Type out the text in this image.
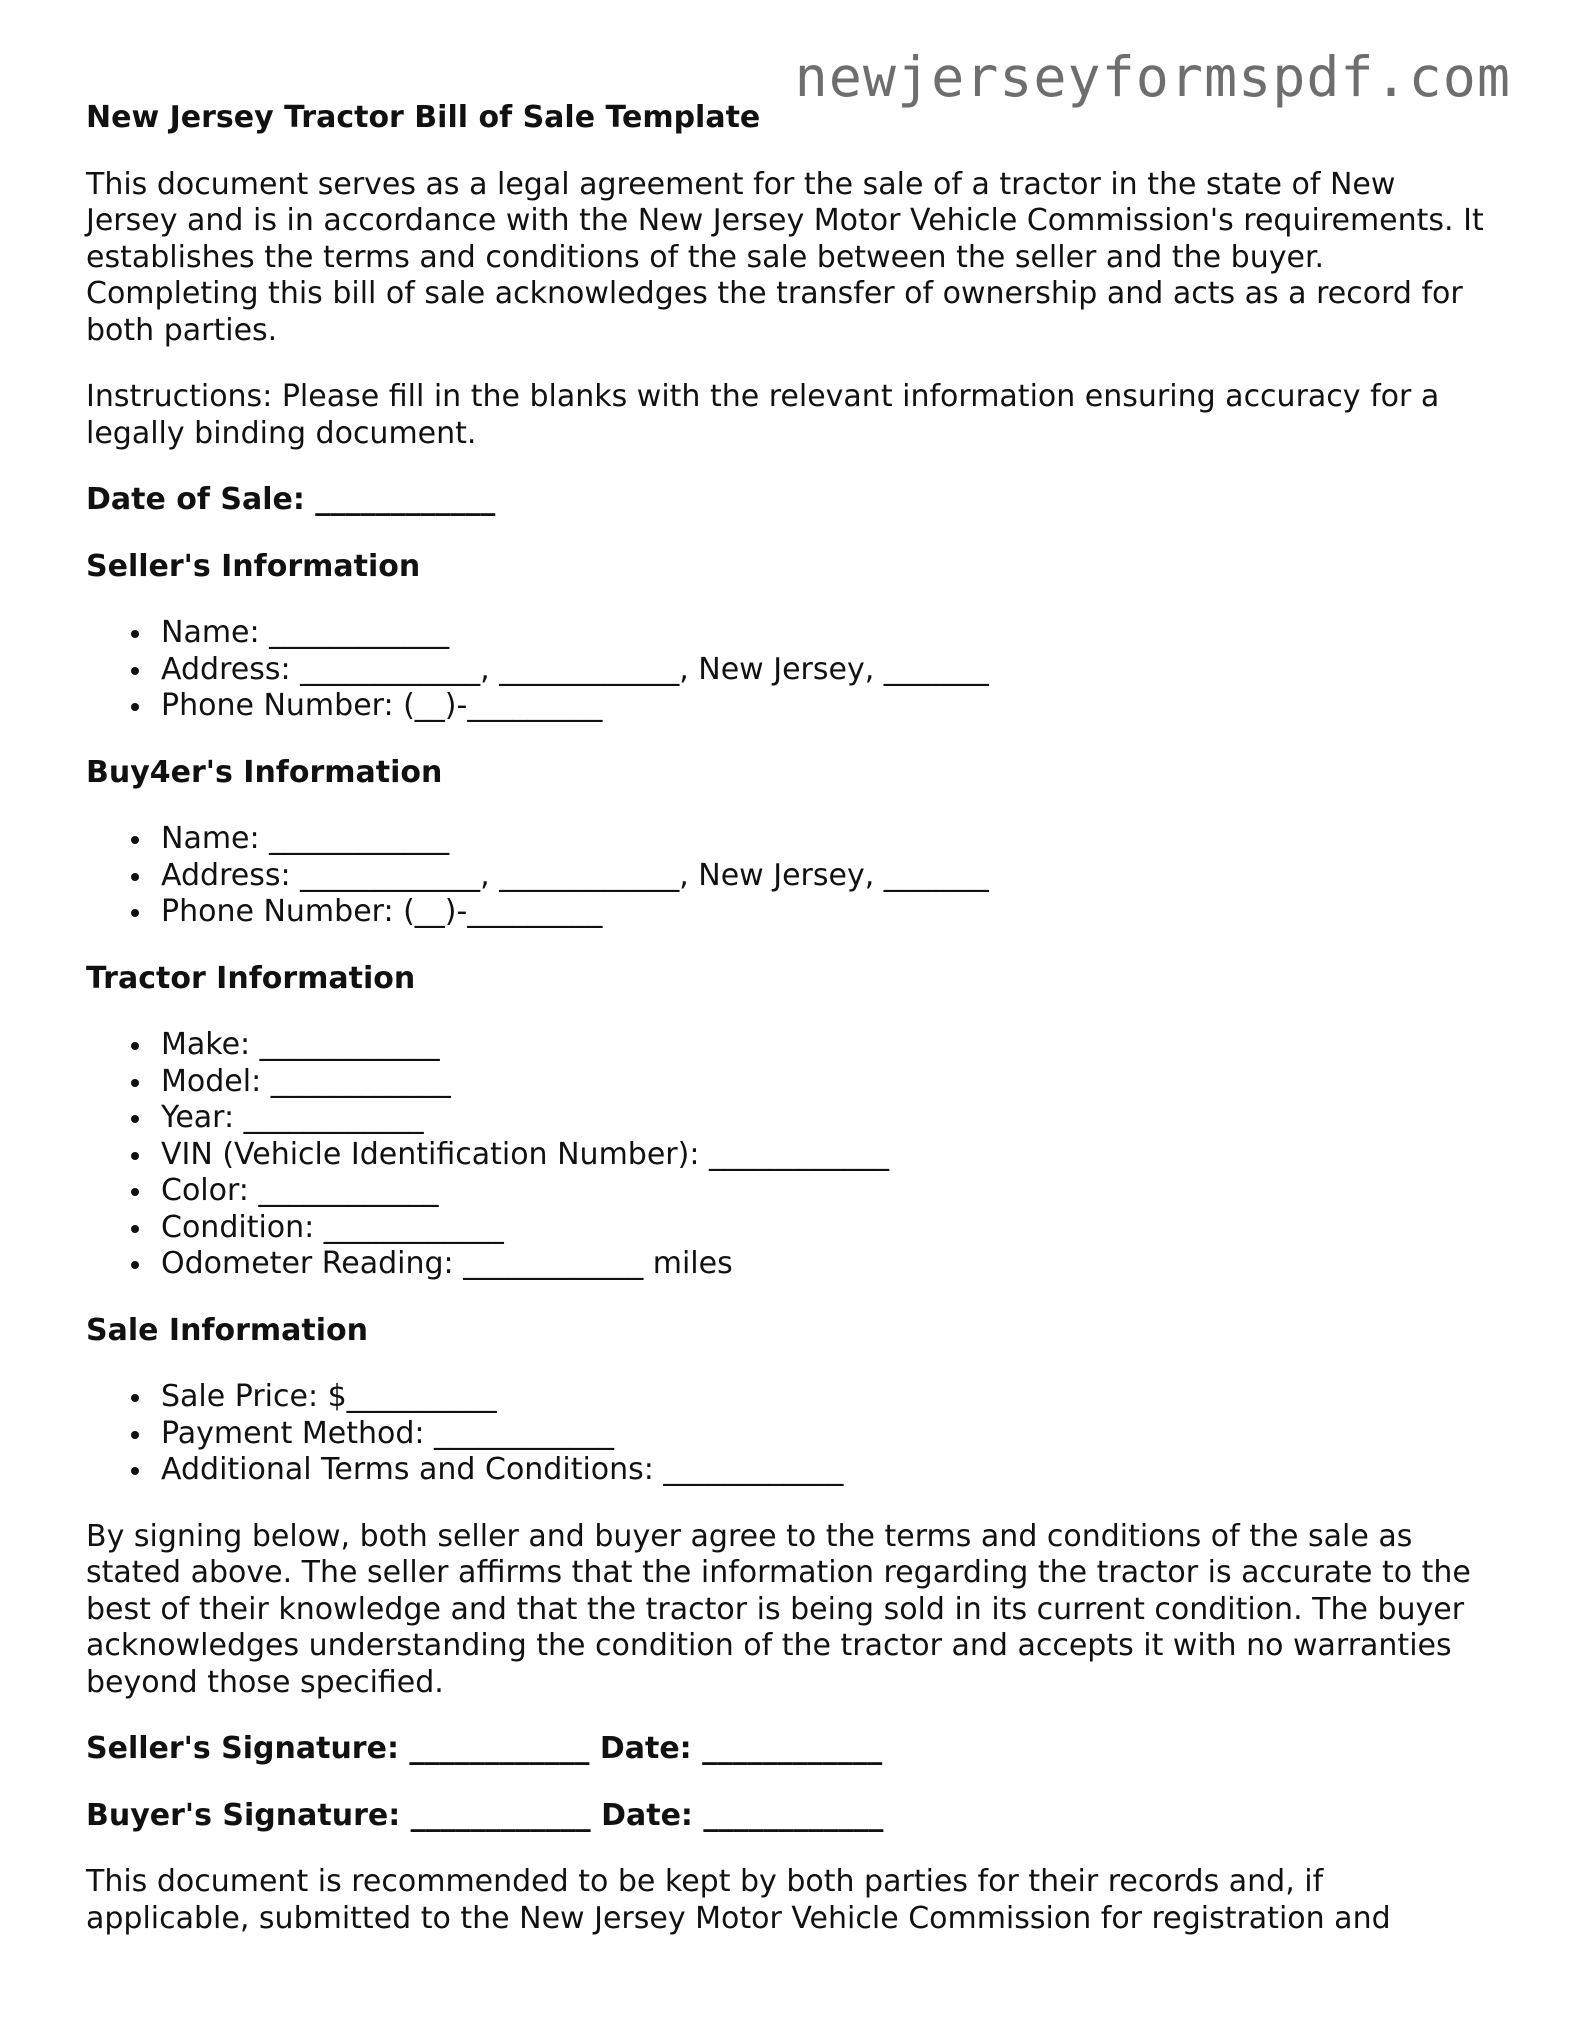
newjerseyformspdf.com
New Jersey Tractor Bill of Sale Template

This document serves as a legal agreement for the sale of a tractor in the state of New Jersey and is in accordance with the New Jersey Motor Vehicle Commission's requirements. It establishes the terms and conditions of the sale between the seller and the buyer. Completing this bill of sale acknowledges the transfer of ownership and acts as a record for both parties.

Instructions: Please fill in the blanks with the relevant information ensuring accuracy for a legally binding document.

Date of Sale: ____________
Seller's Information
Name: ____________
Address: ____________, ____________, New Jersey, _______
Phone Number: (__)-_________
Buy4er's Information
Name: ____________
Address: ____________, ____________, New Jersey, _______
Phone Number: (__)-_________
Tractor Information
Make: ____________
Model: ____________
Year: ____________
VIN (Vehicle Identification Number): ____________
Color: ____________
Condition: ____________
Odometer Reading: ____________ miles
Sale Information
Sale Price: $__________
Payment Method: ____________
Additional Terms and Conditions: ____________

By signing below, both seller and buyer agree to the terms and conditions of the sale as stated above. The seller affirms that the information regarding the tractor is accurate to the best of their knowledge and that the tractor is being sold in its current condition. The buyer acknowledges understanding the condition of the tractor and accepts it with no warranties beyond those specified.

Seller's Signature: ____________ Date: ____________
Buyer's Signature: ____________ Date: ____________

This document is recommended to be kept by both parties for their records and, if applicable, submitted to the New Jersey Motor Vehicle Commission for registration and
